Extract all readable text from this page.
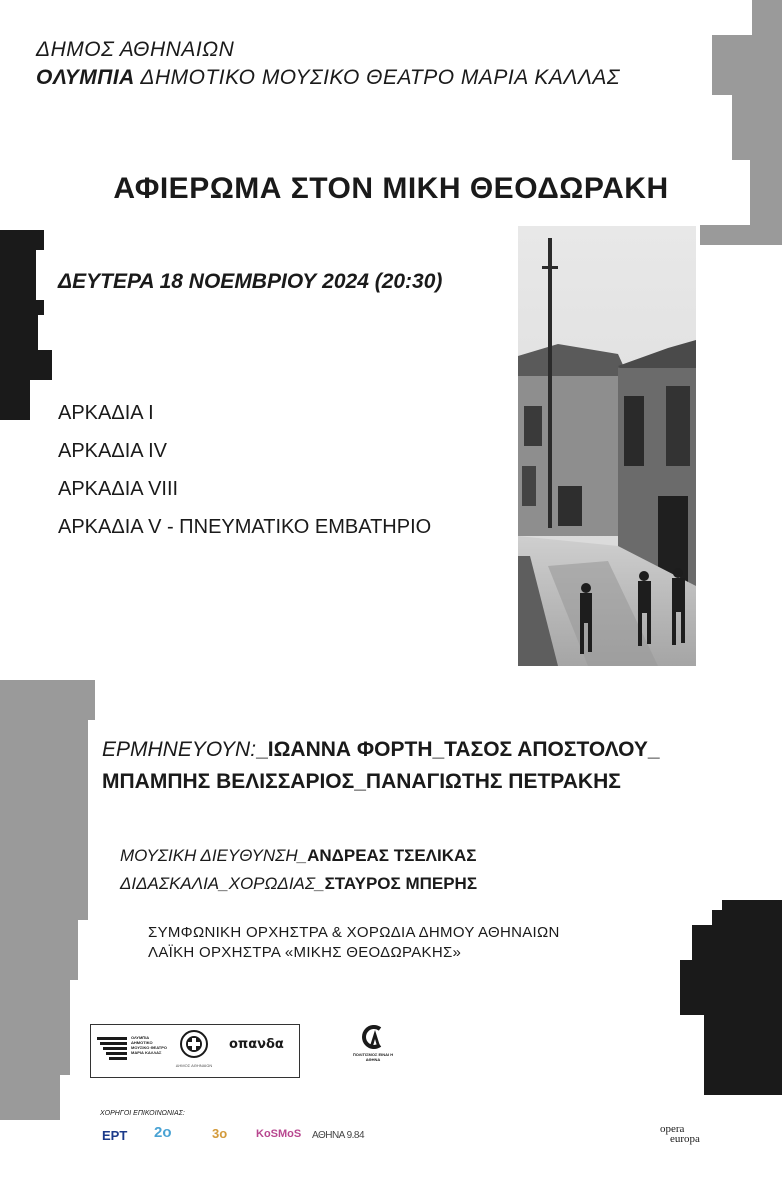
ΔΗΜΟΣ ΑΘΗΝΑΙΩΝ
ΟΛΥΜΠΙΑ ΔΗΜΟΤΙΚΟ ΜΟΥΣΙΚΟ ΘΕΑΤΡΟ ΜΑΡΙΑ ΚΑΛΛΑΣ
ΑΦΙΕΡΩΜΑ ΣΤΟΝ ΜΙΚΗ ΘΕΟΔΩΡΑΚΗ
ΔΕΥΤΕΡΑ 18 ΝΟΕΜΒΡΙΟΥ 2024 (20:30)
ΑΡΚΑΔΙΑ Ι
ΑΡΚΑΔΙΑ IV
ΑΡΚΑΔΙΑ VIII
ΑΡΚΑΔΙΑ V - ΠΝΕΥΜΑΤΙΚΟ ΕΜΒΑΤΗΡΙΟ
ΕΡΜΗΝΕΥΟΥΝ:_ΙΩΑΝΝΑ ΦΟΡΤΗ_ΤΑΣΟΣ ΑΠΟΣΤΟΛΟΥ_
ΜΠΑΜΠΗΣ ΒΕΛΙΣΣΑΡΙΟΣ_ΠΑΝΑΓΙΩΤΗΣ ΠΕΤΡΑΚΗΣ
ΜΟΥΣΙΚΗ ΔΙΕΥΘΥΝΣΗ_ΑΝΔΡΕΑΣ ΤΣΕΛΙΚΑΣ
ΔΙΔΑΣΚΑΛΙΑ_ΧΟΡΩΔΙΑΣ_ΣΤΑΥΡΟΣ ΜΠΕΡΗΣ
ΣΥΜΦΩΝΙΚΗ ΟΡΧΗΣΤΡΑ & ΧΟΡΩΔΙΑ ΔΗΜΟΥ ΑΘΗΝΑΙΩΝ
ΛΑΪΚΗ ΟΡΧΗΣΤΡΑ «ΜΙΚΗΣ ΘΕΟΔΩΡΑΚΗΣ»
ΟΛΥΜΠΙΑ ΔΗΜΟΤΙΚΟ ΜΟΥΣΙΚΟ ΘΕΑΤΡΟ ΜΑΡΙΑ ΚΑΛΛΑΣ
ΔΗΜΟΣ ΑΘΗΝΑΙΩΝ
οπανδα
ΠΟΛΙΤΙΣΜΟΣ ΕΙΝΑΙ Η ΑΘΗΝΑ
ΧΟΡΗΓΟΙ ΕΠΙΚΟΙΝΩΝΙΑΣ:
ΕΡΤ 2ο	3ο	KoSMoS ΑΘΗΝΑ 9.84
opera
europa
